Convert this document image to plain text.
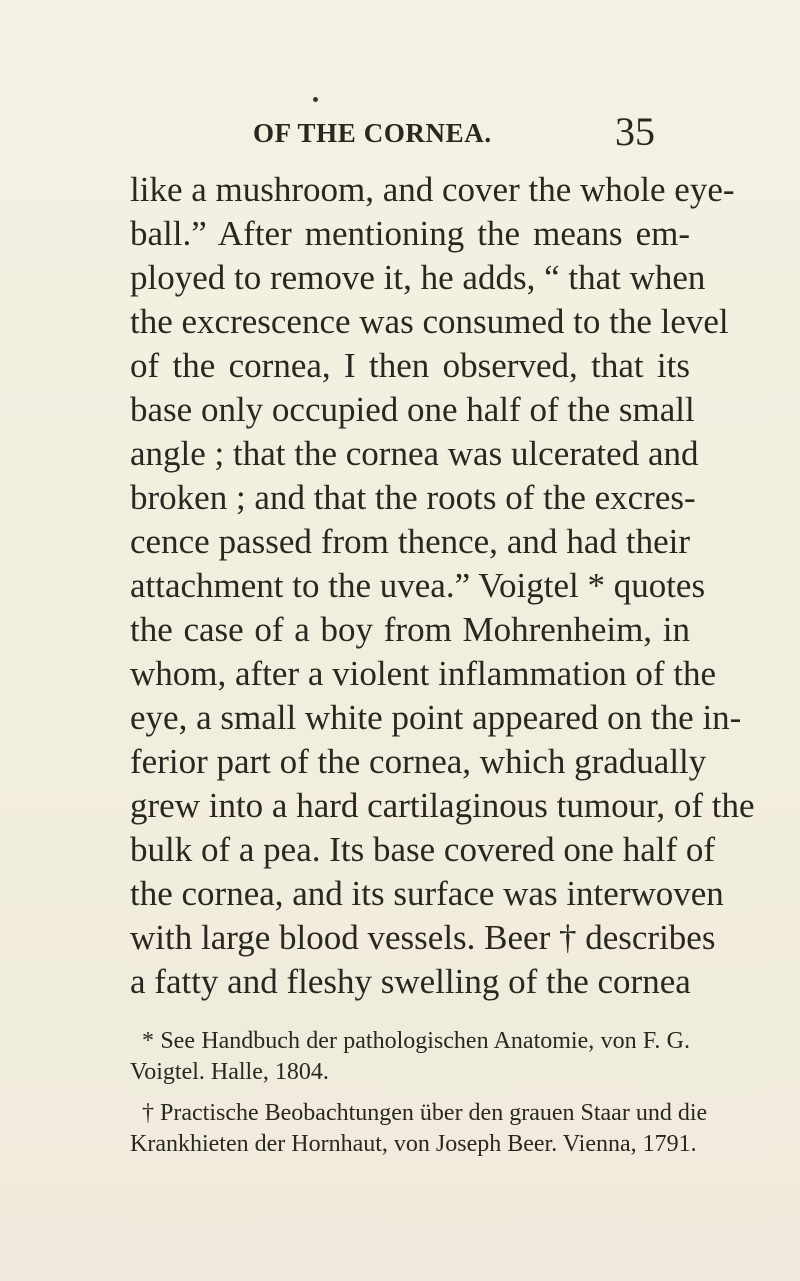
OF THE CORNEA.	35
like a mushroom, and cover the whole eye-
ball.” After mentioning the means em-
ployed to remove it, he adds, “ that when
the excrescence was consumed to the level
of the cornea, I then observed, that its
base only occupied one half of the small
angle ; that the cornea was ulcerated and
broken ; and that the roots of the excres-
cence passed from thence, and had their
attachment to the uvea.” Voigtel * quotes
the case of a boy from Mohrenheim, in
whom, after a violent inflammation of the
eye, a small white point appeared on the in-
ferior part of the cornea, which gradually
grew into a hard cartilaginous tumour, of the
bulk of a pea. Its base covered one half of
the cornea, and its surface was interwoven
with large blood vessels. Beer † describes
a fatty and fleshy swelling of the cornea
* See Handbuch der pathologischen Anatomie, von F. G.
Voigtel. Halle, 1804.
† Practische Beobachtungen über den grauen Staar und die
Krankhieten der Hornhaut, von Joseph Beer. Vienna, 1791.
